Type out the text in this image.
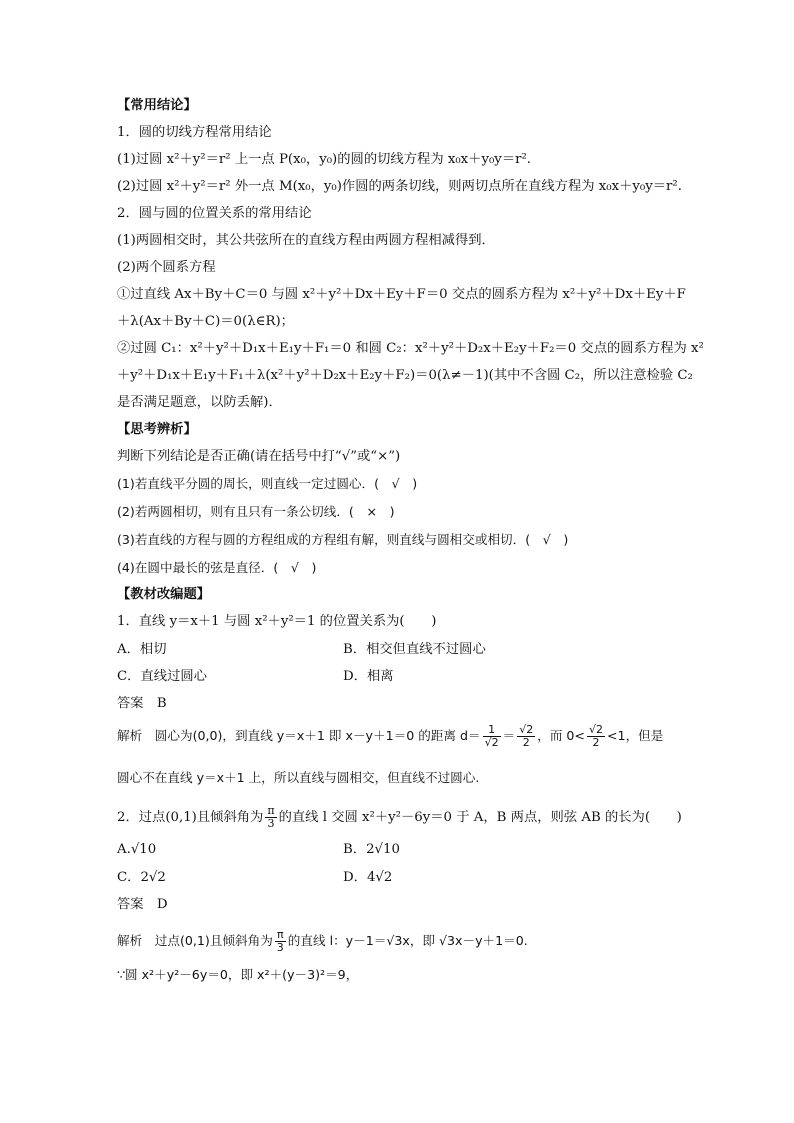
【常用结论】
1．圆的切线方程常用结论
(1)过圆 x²＋y²＝r² 上一点 P(x₀，y₀)的圆的切线方程为 x₀x＋y₀y＝r².
(2)过圆 x²＋y²＝r² 外一点 M(x₀，y₀)作圆的两条切线，则两切点所在直线方程为 x₀x＋y₀y＝r².
2．圆与圆的位置关系的常用结论
(1)两圆相交时，其公共弦所在的直线方程由两圆方程相减得到．
(2)两个圆系方程
①过直线 Ax＋By＋C＝0 与圆 x²＋y²＋Dx＋Ey＋F＝0 交点的圆系方程为 x²＋y²＋Dx＋Ey＋F
＋λ(Ax＋By＋C)＝0(λ∈R)；
②过圆 C₁：x²＋y²＋D₁x＋E₁y＋F₁＝0 和圆 C₂：x²＋y²＋D₂x＋E₂y＋F₂＝0 交点的圆系方程为 x²
＋y²＋D₁x＋E₁y＋F₁＋λ(x²＋y²＋D₂x＋E₂y＋F₂)＝0(λ≠－1)(其中不含圆 C₂，所以注意检验 C₂
是否满足题意，以防丢解)．
【思考辨析】
判断下列结论是否正确(请在括号中打“√”或“×”)
(1)若直线平分圆的周长，则直线一定过圆心．(　√　)
(2)若两圆相切，则有且只有一条公切线．(　×　)
(3)若直线的方程与圆的方程组成的方程组有解，则直线与圆相交或相切．(　√　)
(4)在圆中最长的弦是直径．(　√　)
【教材改编题】
1．直线 y＝x＋1 与圆 x²＋y²＝1 的位置关系为(　　)
A．相切	B．相交但直线不过圆心
C．直线过圆心	D．相离
答案　B
解析　圆心为(0,0)，到直线 y＝x＋1 即 x－y＋1＝0 的距离 $d= \frac{1}{√2} = \frac{√2}{2}$ ，而 $0< \frac{√2}{2} <1$，但是
圆心不在直线 y＝x＋1 上，所以直线与圆相交，但直线不过圆心.
2．过点(0,1)且倾斜角为 $\frac{\pi}{3}$ 的直线 l 交圆 x²＋y²－6y＝0 于 A，B 两点，则弦 AB 的长为(　　)
A.√10	B．2√10
C．2√2	D．4√2
答案　D
解析　过点(0,1)且倾斜角为 $\frac{\pi}{3}$ 的直线 l：y－1＝√3x，即 √3x－y＋1＝0.
∵圆 x²＋y²－6y＝0，即 x²＋(y－3)²＝9，
